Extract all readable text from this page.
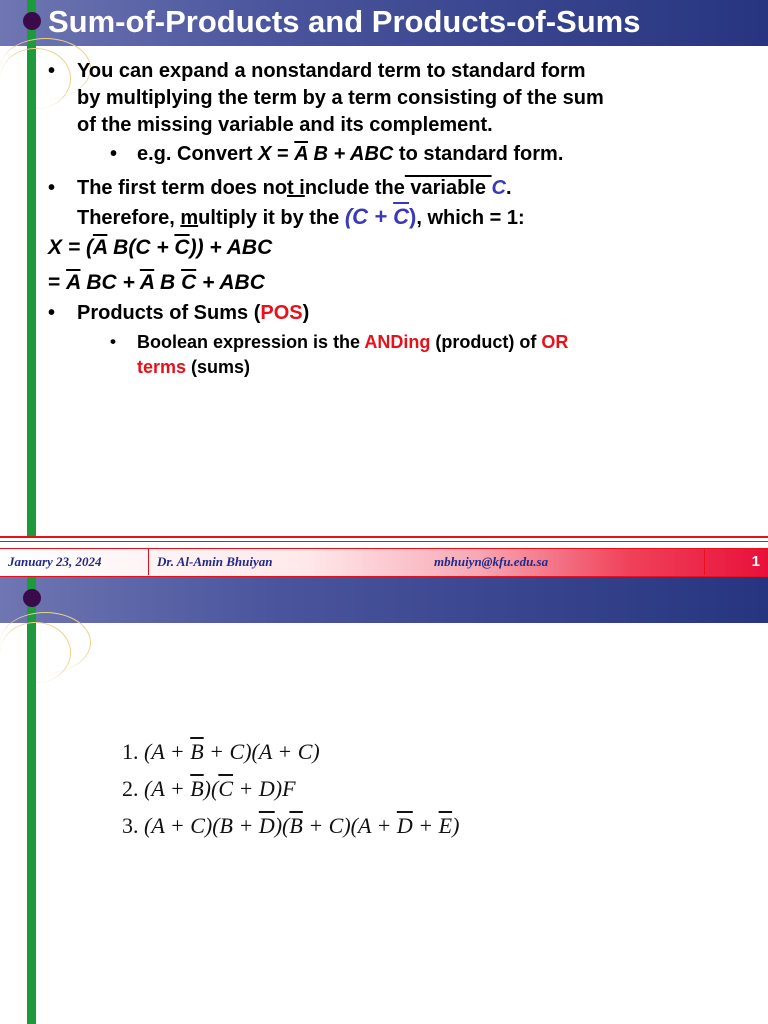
Sum-of-Products and Products-of-Sums
• You can expand a nonstandard term to standard form
by multiplying the term by a term consisting of the sum
of the missing variable and its complement.
• e.g. Convert $X = \overline{A}$ B + ABC to standard form.
• The first term does not include the variable C.
Therefore, multiply it by the $(C + \overline{C})$, which = 1:
$X = (\overline{A}$ $B(C + \overline{C})$) + ABC
= $\overline{A}$ BC + $\overline{A}$ B $\overline{C}$ + ABC
• Products of Sums (POS)
• Boolean expression is the ANDing (product) of OR
terms (sums)
January 23, 2024	Dr. Al-Amin Bhuiyan	mbhuiyn@kfu.edu.sa	1
1. $(A + \overline{B} + C)(A + C)$
2. $(A + \overline{B})(\overline{C} + D)F$
3. $(A + C)(B + \overline{D})(\overline{B} + C)(A + \overline{D} + \overline{E})$
